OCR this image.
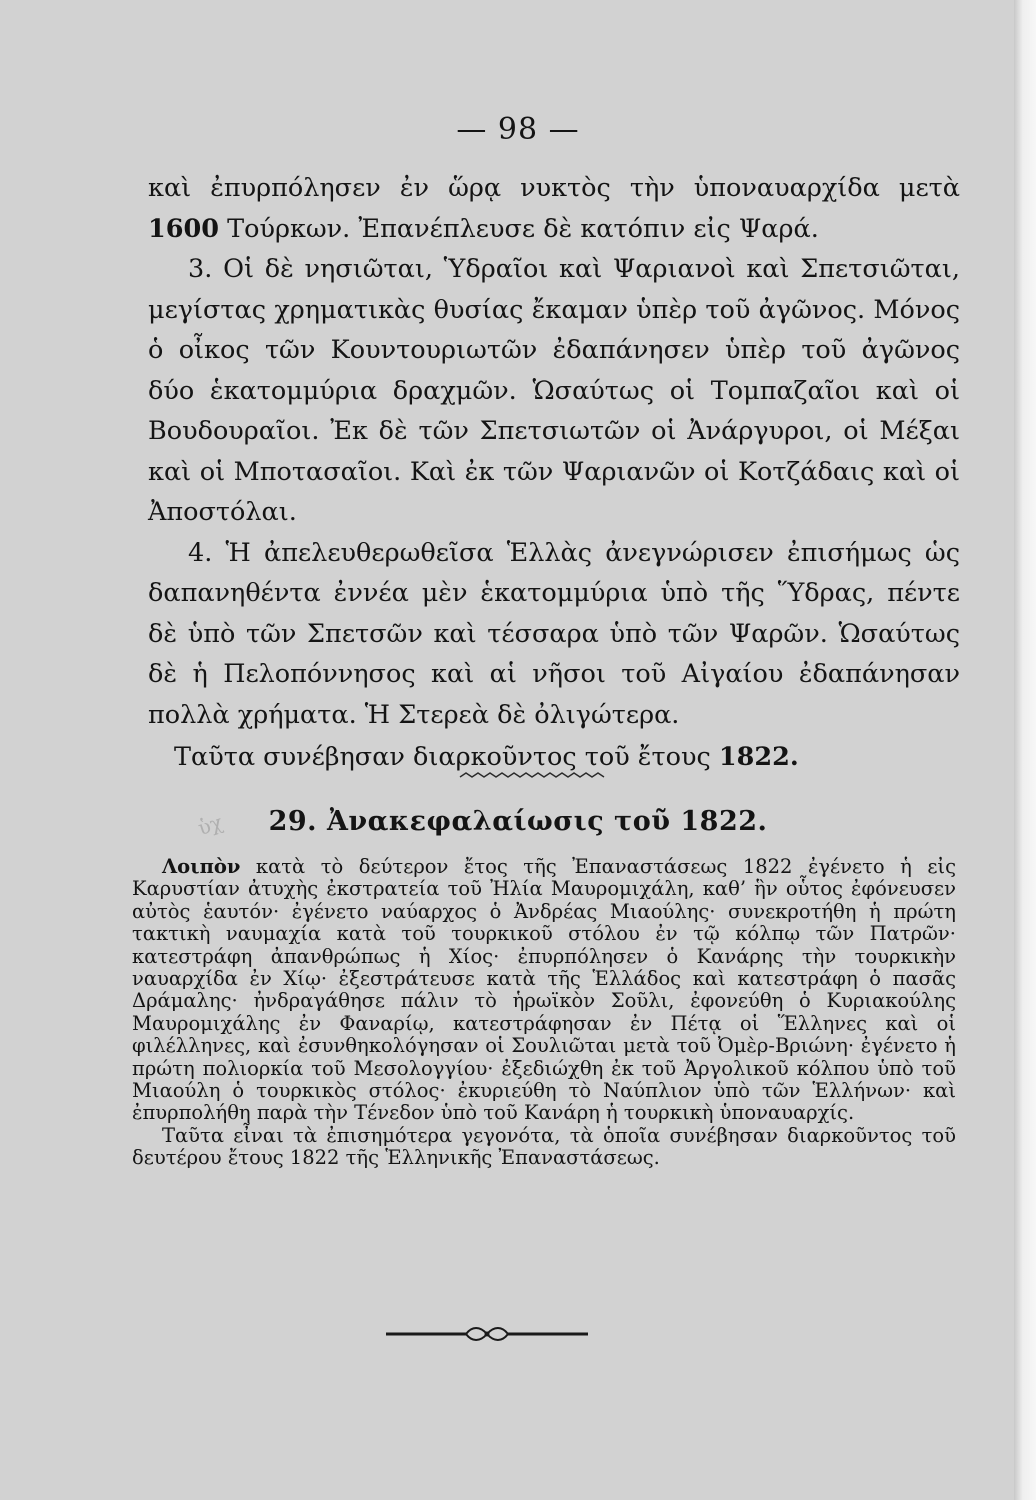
— 98 —

καὶ ἐπυρπόλησεν ἐν ὥρᾳ νυκτὸς τὴν ὑποναυαρχίδα μετὰ 1600 Τούρκων. Ἐπανέπλευσε δὲ κατόπιν εἰς Ψαρά.

3. Οἱ δὲ νησιῶται, Ὑδραῖοι καὶ Ψαριανοὶ καὶ Σπετσιῶται, μεγίστας χρηματικὰς θυσίας ἔκαμαν ὑπὲρ τοῦ ἀγῶνος. Μόνος ὁ οἶκος τῶν Κουντουριωτῶν ἐδαπάνησεν ὑπὲρ τοῦ ἀγῶνος δύο ἑκατομμύρια δραχμῶν. Ὡσαύτως οἱ Τομπαζαῖοι καὶ οἱ Βουδουραῖοι. Ἐκ δὲ τῶν Σπετσιωτῶν οἱ Ἀνάργυροι, οἱ Μέξαι καὶ οἱ Μποτασαῖοι. Καὶ ἐκ τῶν Ψαριανῶν οἱ Κοτζάδαις καὶ οἱ Ἀποστόλαι.

4. Ἡ ἀπελευθερωθεῖσα Ἑλλὰς ἀνεγνώρισεν ἐπισήμως ὡς δαπανηθέντα ἐννέα μὲν ἑκατομμύρια ὑπὸ τῆς Ὕδρας, πέντε δὲ ὑπὸ τῶν Σπετσῶν καὶ τέσσαρα ὑπὸ τῶν Ψαρῶν. Ὡσαύτως δὲ ἡ Πελοπόννησος καὶ αἱ νῆσοι τοῦ Αἰγαίου ἐδαπάνησαν πολλὰ χρήματα. Ἡ Στερεὰ δὲ ὀλιγώτερα.

Ταῦτα συνέβησαν διαρκοῦντος τοῦ ἔτους 1822.

ὑχ	29. Ἀνακεφαλαίωσις τοῦ 1822.

Λοιπὸν κατὰ τὸ δεύτερον ἔτος τῆς Ἐπαναστάσεως 1822 ἐγένετο ἡ εἰς Καρυστίαν ἀτυχὴς ἐκστρατεία τοῦ Ἠλία Μαυρομιχάλη, καθ’ ἣν οὗτος ἐφόνευσεν αὐτὸς ἑαυτόν· ἐγένετο ναύαρχος ὁ Ἀνδρέας Μιαούλης· συνεκροτήθη ἡ πρώτη τακτικὴ ναυμαχία κατὰ τοῦ τουρκικοῦ στόλου ἐν τῷ κόλπῳ τῶν Πατρῶν· κατεστράφη ἀπανθρώπως ἡ Χίος· ἐπυρπόλησεν ὁ Κανάρης τὴν τουρκικὴν ναυαρχίδα ἐν Χίῳ· ἐξεστράτευσε κατὰ τῆς Ἑλλάδος καὶ κατεστράφη ὁ πασᾶς Δράμαλης· ἠνδραγάθησε πάλιν τὸ ἡρωϊκὸν Σοῦλι, ἐφονεύθη ὁ Κυριακούλης Μαυρομιχάλης ἐν Φαναρίῳ, κατεστράφησαν ἐν Πέτᾳ οἱ Ἕλληνες καὶ οἱ φιλέλληνες, καὶ ἐσυνθηκολόγησαν οἱ Σουλιῶται μετὰ τοῦ Ὀμὲρ-Βριώνη· ἐγένετο ἡ πρώτη πολιορκία τοῦ Μεσολογγίου· ἐξεδιώχθη ἐκ τοῦ Ἀργολικοῦ κόλπου ὑπὸ τοῦ Μιαούλη ὁ τουρκικὸς στόλος· ἐκυριεύθη τὸ Ναύπλιον ὑπὸ τῶν Ἑλλήνων· καὶ ἐπυρπολήθη παρὰ τὴν Τένεδον ὑπὸ τοῦ Κανάρη ἡ τουρκικὴ ὑποναυαρχίς.

Ταῦτα εἶναι τὰ ἐπισημότερα γεγονότα, τὰ ὁποῖα συνέβησαν διαρκοῦντος τοῦ δευτέρου ἔτους 1822 τῆς Ἑλληνικῆς Ἐπαναστάσεως.
